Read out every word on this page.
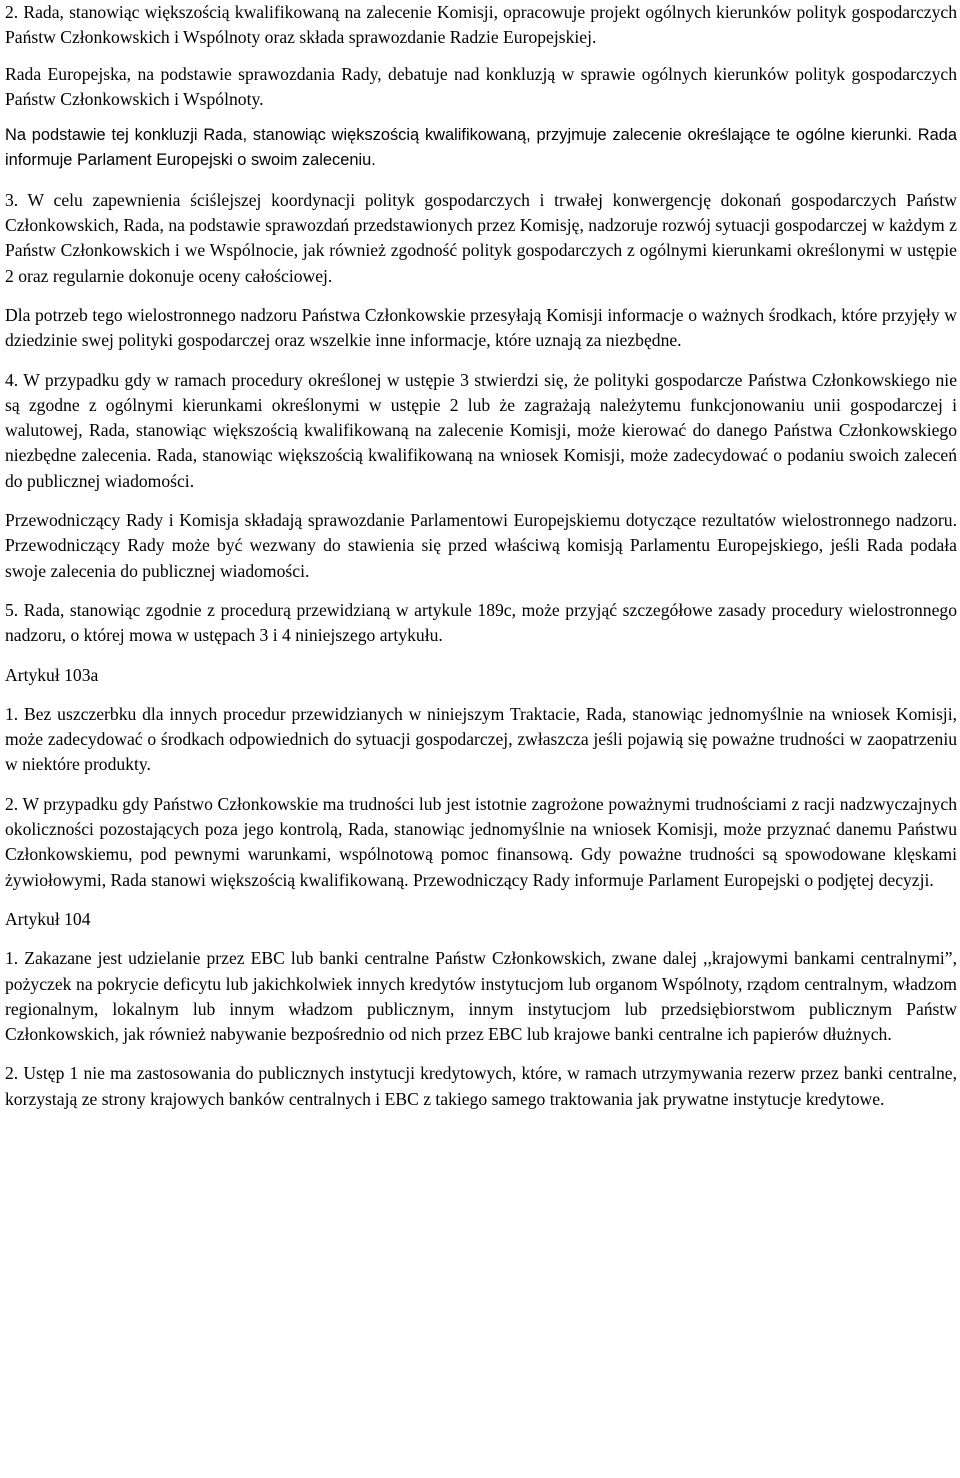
2. Rada, stanowiąc większością kwalifikowaną na zalecenie Komisji, opracowuje projekt ogólnych kierunków polityk gospodarczych Państw Członkowskich i Wspólnoty oraz składa sprawozdanie Radzie Europejskiej.

Rada Europejska, na podstawie sprawozdania Rady, debatuje nad konkluzją w sprawie ogólnych kierunków polityk gospodarczych Państw Członkowskich i Wspólnoty.

Na podstawie tej konkluzji Rada, stanowiąc większością kwalifikowaną, przyjmuje zalecenie określające te ogólne kierunki. Rada informuje Parlament Europejski o swoim zaleceniu.

3. W celu zapewnienia ściślejszej koordynacji polityk gospodarczych i trwałej konwergencję dokonań gospodarczych Państw Członkowskich, Rada, na podstawie sprawozdań przedstawionych przez Komisję, nadzoruje rozwój sytuacji gospodarczej w każdym z Państw Członkowskich i we Wspólnocie, jak również zgodność polityk gospodarczych z ogólnymi kierunkami określonymi w ustępie 2 oraz regularnie dokonuje oceny całościowej.

Dla potrzeb tego wielostronnego nadzoru Państwa Członkowskie przesyłają Komisji informacje o ważnych środkach, które przyjęły w dziedzinie swej polityki gospodarczej oraz wszelkie inne informacje, które uznają za niezbędne.

4. W przypadku gdy w ramach procedury określonej w ustępie 3 stwierdzi się, że polityki gospodarcze Państwa Członkowskiego nie są zgodne z ogólnymi kierunkami określonymi w ustępie 2 lub że zagrażają należytemu funkcjonowaniu unii gospodarczej i walutowej, Rada, stanowiąc większością kwalifikowaną na zalecenie Komisji, może kierować do danego Państwa Członkowskiego niezbędne zalecenia. Rada, stanowiąc większością kwalifikowaną na wniosek Komisji, może zadecydować o podaniu swoich zaleceń do publicznej wiadomości.

Przewodniczący Rady i Komisja składają sprawozdanie Parlamentowi Europejskiemu dotyczące rezultatów wielostronnego nadzoru. Przewodniczący Rady może być wezwany do stawienia się przed właściwą komisją Parlamentu Europejskiego, jeśli Rada podała swoje zalecenia do publicznej wiadomości.

5. Rada, stanowiąc zgodnie z procedurą przewidzianą w artykule 189c, może przyjąć szczegółowe zasady procedury wielostronnego nadzoru, o której mowa w ustępach 3 i 4 niniejszego artykułu.

Artykuł 103a

1. Bez uszczerbku dla innych procedur przewidzianych w niniejszym Traktacie, Rada, stanowiąc jednomyślnie na wniosek Komisji, może zadecydować o środkach odpowiednich do sytuacji gospodarczej, zwłaszcza jeśli pojawią się poważne trudności w zaopatrzeniu w niektóre produkty.

2. W przypadku gdy Państwo Członkowskie ma trudności lub jest istotnie zagrożone poważnymi trudnościami z racji nadzwyczajnych okoliczności pozostających poza jego kontrolą, Rada, stanowiąc jednomyślnie na wniosek Komisji, może przyznać danemu Państwu Członkowskiemu, pod pewnymi warunkami, wspólnotową pomoc finansową. Gdy poważne trudności są spowodowane klęskami żywiołowymi, Rada stanowi większością kwalifikowaną. Przewodniczący Rady informuje Parlament Europejski o podjętej decyzji.

Artykuł 104

1. Zakazane jest udzielanie przez EBC lub banki centralne Państw Członkowskich, zwane dalej ,,krajowymi bankami centralnymi”, pożyczek na pokrycie deficytu lub jakichkolwiek innych kredytów instytucjom lub organom Wspólnoty, rządom centralnym, władzom regionalnym, lokalnym lub innym władzom publicznym, innym instytucjom lub przedsiębiorstwom publicznym Państw Członkowskich, jak również nabywanie bezpośrednio od nich przez EBC lub krajowe banki centralne ich papierów dłużnych.

2. Ustęp 1 nie ma zastosowania do publicznych instytucji kredytowych, które, w ramach utrzymywania rezerw przez banki centralne, korzystają ze strony krajowych banków centralnych i EBC z takiego samego traktowania jak prywatne instytucje kredytowe.
